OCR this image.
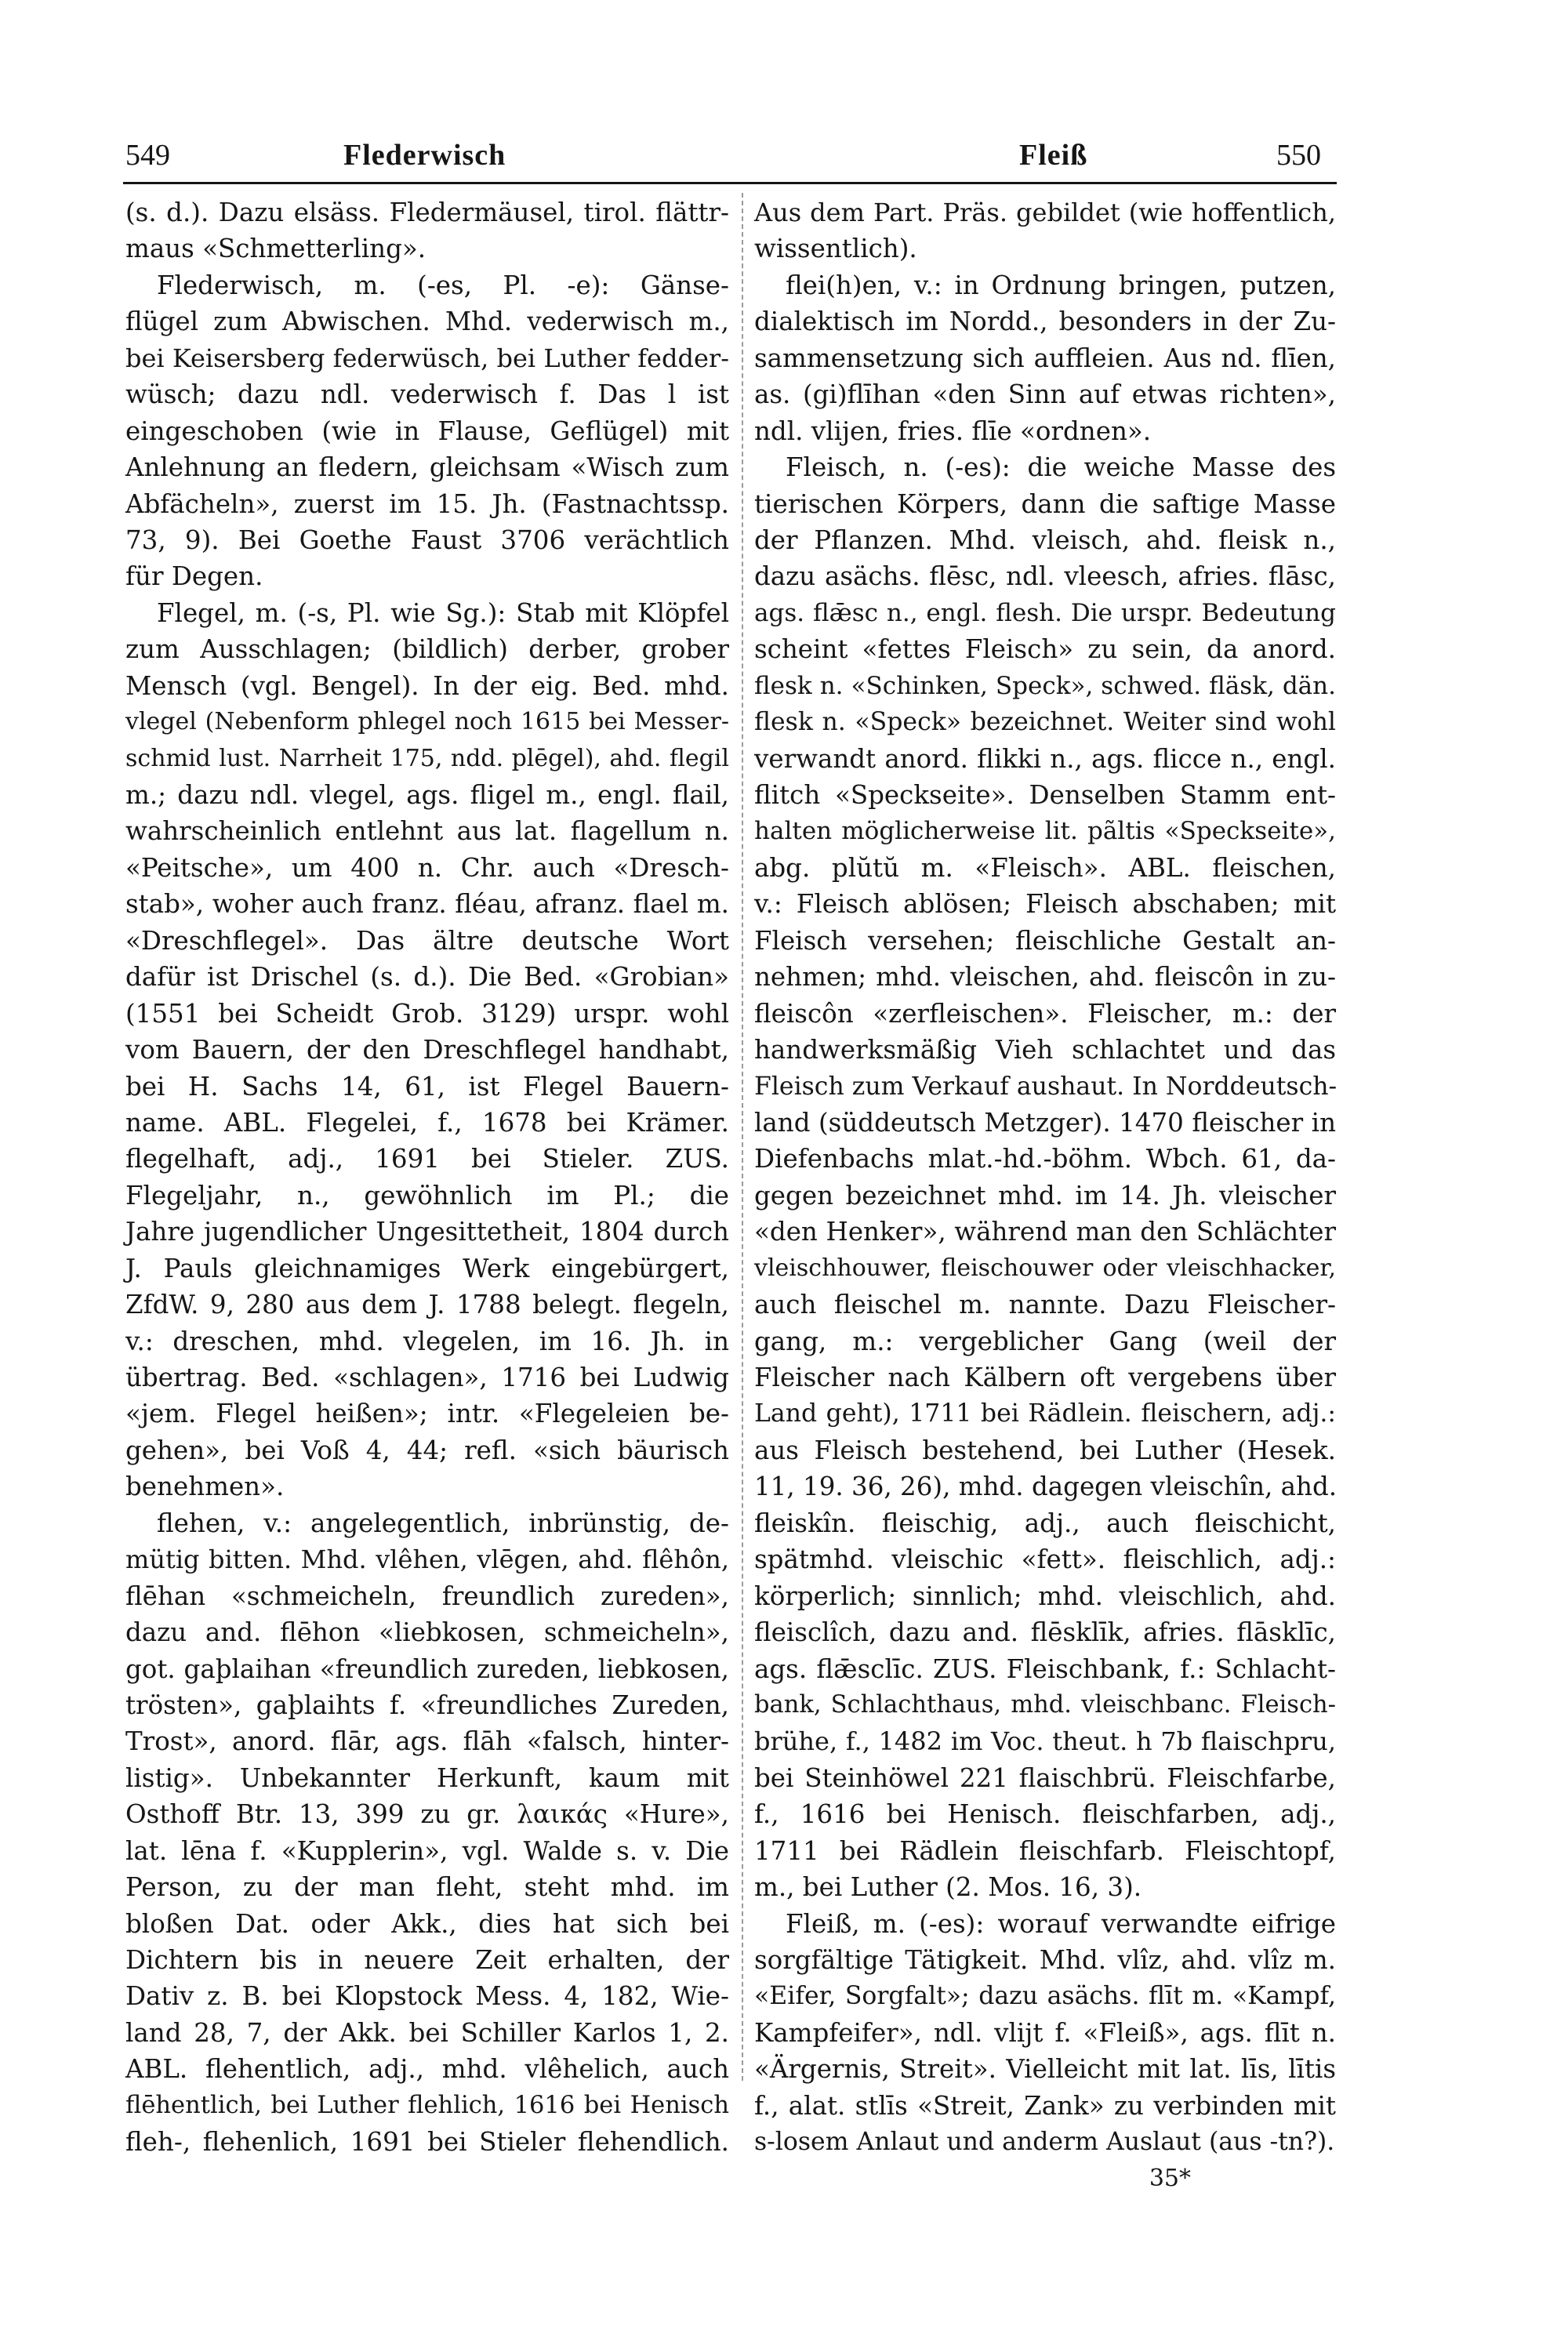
549	Flederwisch	Fleiß	550
(s. d.). Dazu elsäss. Fledermäusel, tirol. flättr-
maus «Schmetterling».
Flederwisch, m. (-es, Pl. -e): Gänse-
flügel zum Abwischen. Mhd. vederwisch m.,
bei Keisersberg federwüsch, bei Luther fedder-
wüsch; dazu ndl. vederwisch f. Das l ist
eingeschoben (wie in Flause, Geflügel) mit
Anlehnung an fledern, gleichsam «Wisch zum
Abfächeln», zuerst im 15. Jh. (Fastnachtssp.
73, 9). Bei Goethe Faust 3706 verächtlich
für Degen.
Flegel, m. (-s, Pl. wie Sg.): Stab mit Klöpfel
zum Ausschlagen; (bildlich) derber, grober
Mensch (vgl. Bengel). In der eig. Bed. mhd.
vlegel (Nebenform phlegel noch 1615 bei Messer-
schmid lust. Narrheit 175, ndd. plēgel), ahd. flegil
m.; dazu ndl. vlegel, ags. fligel m., engl. flail,
wahrscheinlich entlehnt aus lat. flagellum n.
«Peitsche», um 400 n. Chr. auch «Dresch-
stab», woher auch franz. fléau, afranz. flael m.
«Dreschflegel». Das ältre deutsche Wort
dafür ist Drischel (s. d.). Die Bed. «Grobian»
(1551 bei Scheidt Grob. 3129) urspr. wohl
vom Bauern, der den Dreschflegel handhabt,
bei H. Sachs 14, 61, ist Flegel Bauern-
name. ABL. Flegelei, f., 1678 bei Krämer.
flegelhaft, adj., 1691 bei Stieler. ZUS.
Flegeljahr, n., gewöhnlich im Pl.; die
Jahre jugendlicher Ungesittetheit, 1804 durch
J. Pauls gleichnamiges Werk eingebürgert,
ZfdW. 9, 280 aus dem J. 1788 belegt. flegeln,
v.: dreschen, mhd. vlegelen, im 16. Jh. in
übertrag. Bed. «schlagen», 1716 bei Ludwig
«jem. Flegel heißen»; intr. «Flegeleien be-
gehen», bei Voß 4, 44; refl. «sich bäurisch
benehmen».
flehen, v.: angelegentlich, inbrünstig, de-
mütig bitten. Mhd. vlêhen, vlēgen, ahd. flêhôn,
flēhan «schmeicheln, freundlich zureden»,
dazu and. flēhon «liebkosen, schmeicheln»,
got. gaþlaihan «freundlich zureden, liebkosen,
trösten», gaþlaihts f. «freundliches Zureden,
Trost», anord. flār, ags. flāh «falsch, hinter-
listig». Unbekannter Herkunft, kaum mit
Osthoff Btr. 13, 399 zu gr. λαικάς «Hure»,
lat. lēna f. «Kupplerin», vgl. Walde s. v. Die
Person, zu der man fleht, steht mhd. im
bloßen Dat. oder Akk., dies hat sich bei
Dichtern bis in neuere Zeit erhalten, der
Dativ z. B. bei Klopstock Mess. 4, 182, Wie-
land 28, 7, der Akk. bei Schiller Karlos 1, 2.
ABL. flehentlich, adj., mhd. vlêhelich, auch
flēhentlich, bei Luther flehlich, 1616 bei Henisch
fleh-, flehenlich, 1691 bei Stieler flehendlich.
Aus dem Part. Präs. gebildet (wie hoffentlich,
wissentlich).
flei(h)en, v.: in Ordnung bringen, putzen,
dialektisch im Nordd., besonders in der Zu-
sammensetzung sich auffleien. Aus nd. flīen,
as. (gi)flīhan «den Sinn auf etwas richten»,
ndl. vlijen, fries. flīe «ordnen».
Fleisch, n. (-es): die weiche Masse des
tierischen Körpers, dann die saftige Masse
der Pflanzen. Mhd. vleisch, ahd. fleisk n.,
dazu asächs. flēsc, ndl. vleesch, afries. flāsc,
ags. flǣsc n., engl. flesh. Die urspr. Bedeutung
scheint «fettes Fleisch» zu sein, da anord.
flesk n. «Schinken, Speck», schwed. fläsk, dän.
flesk n. «Speck» bezeichnet. Weiter sind wohl
verwandt anord. flikki n., ags. flicce n., engl.
flitch «Speckseite». Denselben Stamm ent-
halten möglicherweise lit. pãltis «Speckseite»,
abg. plŭtŭ m. «Fleisch». ABL. fleischen,
v.: Fleisch ablösen; Fleisch abschaben; mit
Fleisch versehen; fleischliche Gestalt an-
nehmen; mhd. vleischen, ahd. fleiscôn in zu-
fleiscôn «zerfleischen». Fleischer, m.: der
handwerksmäßig Vieh schlachtet und das
Fleisch zum Verkauf aushaut. In Norddeutsch-
land (süddeutsch Metzger). 1470 fleischer in
Diefenbachs mlat.-hd.-böhm. Wbch. 61, da-
gegen bezeichnet mhd. im 14. Jh. vleischer
«den Henker», während man den Schlächter
vleischhouwer, fleischouwer oder vleischhacker,
auch fleischel m. nannte. Dazu Fleischer-
gang, m.: vergeblicher Gang (weil der
Fleischer nach Kälbern oft vergebens über
Land geht), 1711 bei Rädlein. fleischern, adj.:
aus Fleisch bestehend, bei Luther (Hesek.
11, 19. 36, 26), mhd. dagegen vleischîn, ahd.
fleiskîn. fleischig, adj., auch fleischicht,
spätmhd. vleischic «fett». fleischlich, adj.:
körperlich; sinnlich; mhd. vleischlich, ahd.
fleisclîch, dazu and. flēsklīk, afries. flāsklīc,
ags. flǣsclīc. ZUS. Fleischbank, f.: Schlacht-
bank, Schlachthaus, mhd. vleischbanc. Fleisch-
brühe, f., 1482 im Voc. theut. h 7b flaischpru,
bei Steinhöwel 221 flaischbrü. Fleischfarbe,
f., 1616 bei Henisch. fleischfarben, adj.,
1711 bei Rädlein fleischfarb. Fleischtopf,
m., bei Luther (2. Mos. 16, 3).
Fleiß, m. (-es): worauf verwandte eifrige
sorgfältige Tätigkeit. Mhd. vlîz, ahd. vlîz m.
«Eifer, Sorgfalt»; dazu asächs. flīt m. «Kampf,
Kampfeifer», ndl. vlijt f. «Fleiß», ags. flīt n.
«Ärgernis, Streit». Vielleicht mit lat. līs, lītis
f., alat. stlīs «Streit, Zank» zu verbinden mit
s-losem Anlaut und anderm Auslaut (aus -tn?).
35*
